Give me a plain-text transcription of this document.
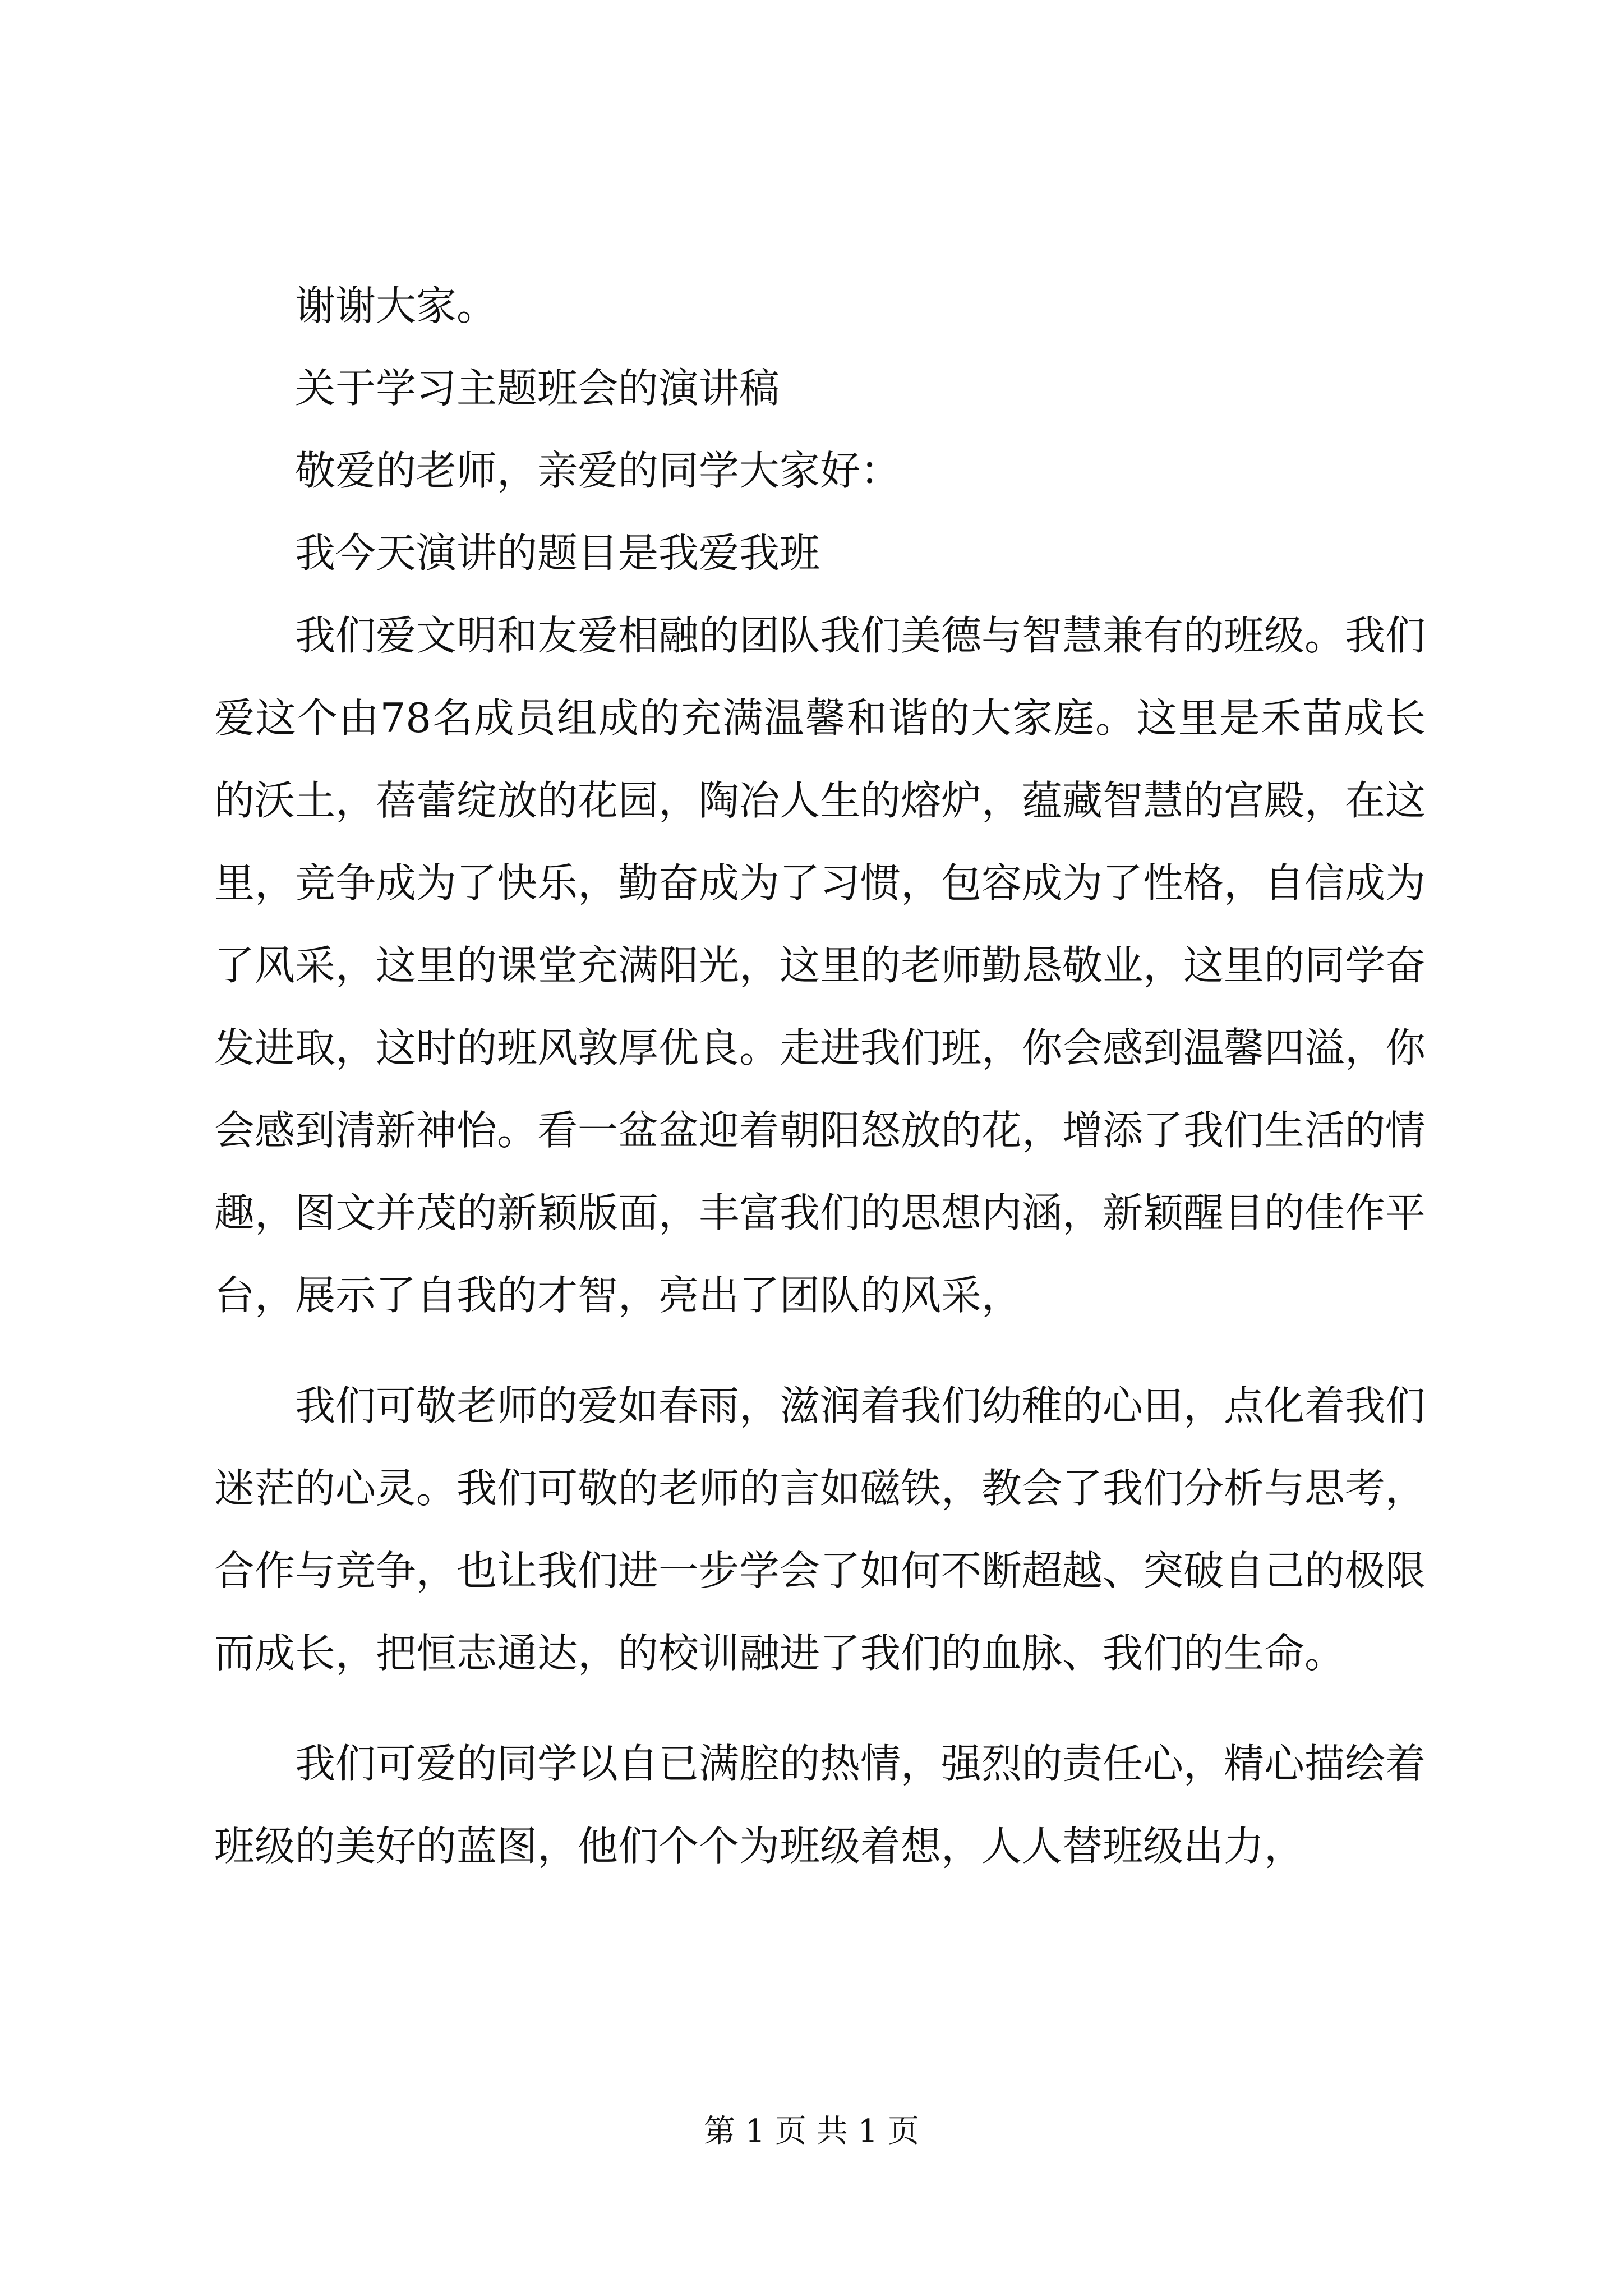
谢谢大家。

关于学习主题班会的演讲稿

敬爱的老师，亲爱的同学大家好：

我今天演讲的题目是我爱我班

我们爱文明和友爱相融的团队我们美德与智慧兼有的班级。我们爱这个由78名成员组成的充满温馨和谐的大家庭。这里是禾苗成长的沃土，蓓蕾绽放的花园，陶冶人生的熔炉，蕴藏智慧的宫殿，在这里，竞争成为了快乐，勤奋成为了习惯，包容成为了性格，自信成为了风采，这里的课堂充满阳光，这里的老师勤恳敬业，这里的同学奋发进取，这时的班风敦厚优良。走进我们班，你会感到温馨四溢，你会感到清新神怡。看一盆盆迎着朝阳怒放的花，增添了我们生活的情趣，图文并茂的新颖版面，丰富我们的思想内涵，新颖醒目的佳作平台，展示了自我的才智，亮出了团队的风采，

我们可敬老师的爱如春雨，滋润着我们幼稚的心田，点化着我们迷茫的心灵。我们可敬的老师的言如磁铁，教会了我们分析与思考，合作与竞争，也让我们进一步学会了如何不断超越、突破自己的极限而成长，把恒志通达，的校训融进了我们的血脉、我们的生命。

我们可爱的同学以自已满腔的热情，强烈的责任心，精心描绘着班级的美好的蓝图，他们个个为班级着想，人人替班级出力，

第 1 页 共 1 页
